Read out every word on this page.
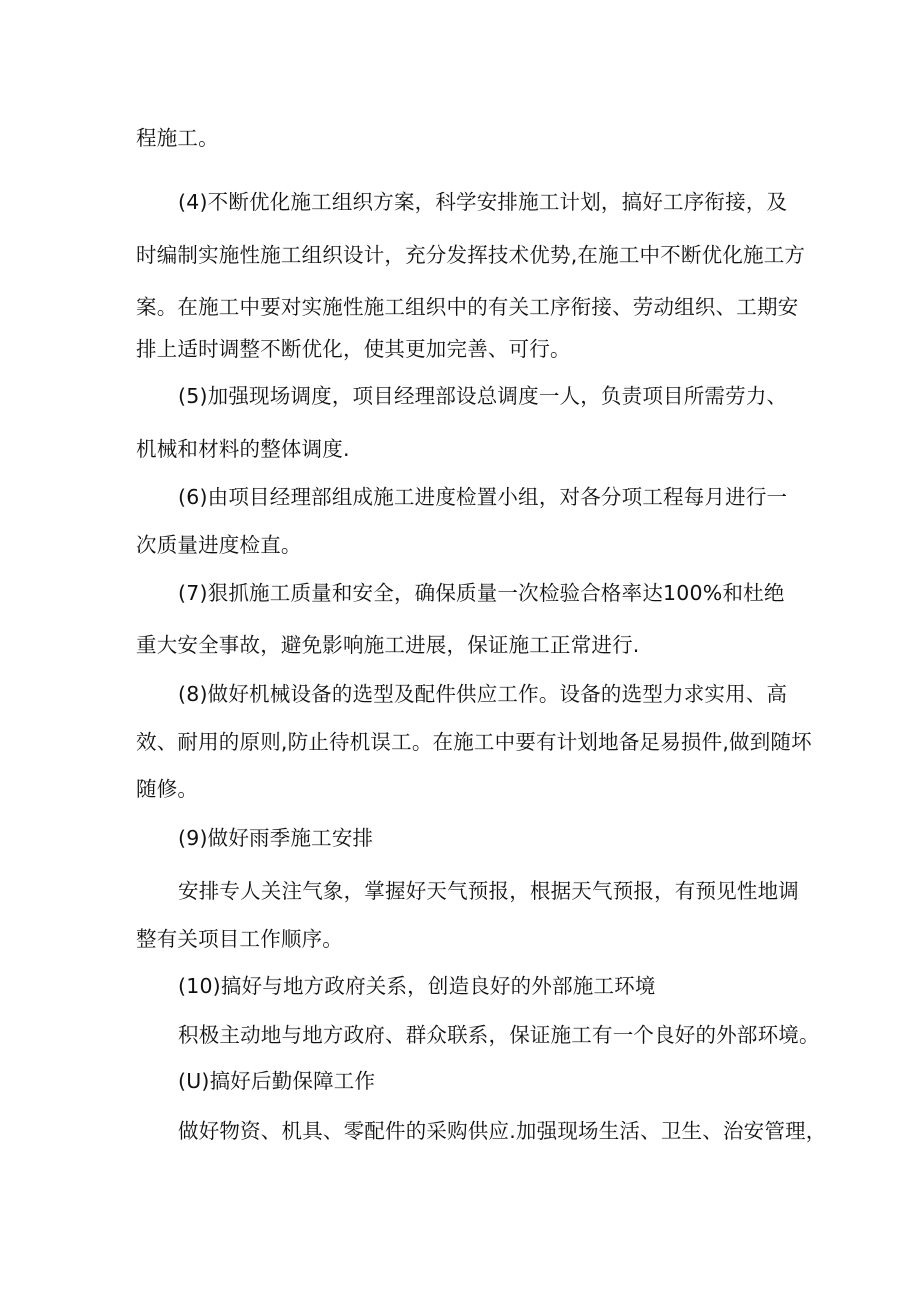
程施工。
(4)不断优化施工组织方案，科学安排施工计划，搞好工序衔接，及
时编制实施性施工组织设计，充分发挥技术优势,在施工中不断优化施工方
案。在施工中要对实施性施工组织中的有关工序衔接、劳动组织、工期安
排上适时调整不断优化，使其更加完善、可行。
(5)加强现场调度，项目经理部设总调度一人，负责项目所需劳力、
机械和材料的整体调度.
(6)由项目经理部组成施工进度检置小组，对各分项工程每月进行一
次质量进度检直。
(7)狠抓施工质量和安全，确保质量一次检验合格率达100%和杜绝
重大安全事故，避免影响施工进展，保证施工正常进行.
(8)做好机械设备的选型及配件供应工作。设备的选型力求实用、高
效、耐用的原则,防止待机误工。在施工中要有计划地备足易损件,做到随坏
随修。
(9)做好雨季施工安排
安排专人关注气象，掌握好天气预报，根据天气预报，有预见性地调
整有关项目工作顺序。
(10)搞好与地方政府关系，创造良好的外部施工环境
积极主动地与地方政府、群众联系，保证施工有一个良好的外部环境。
(U)搞好后勤保障工作
做好物资、机具、零配件的采购供应.加强现场生活、卫生、治安管理，
